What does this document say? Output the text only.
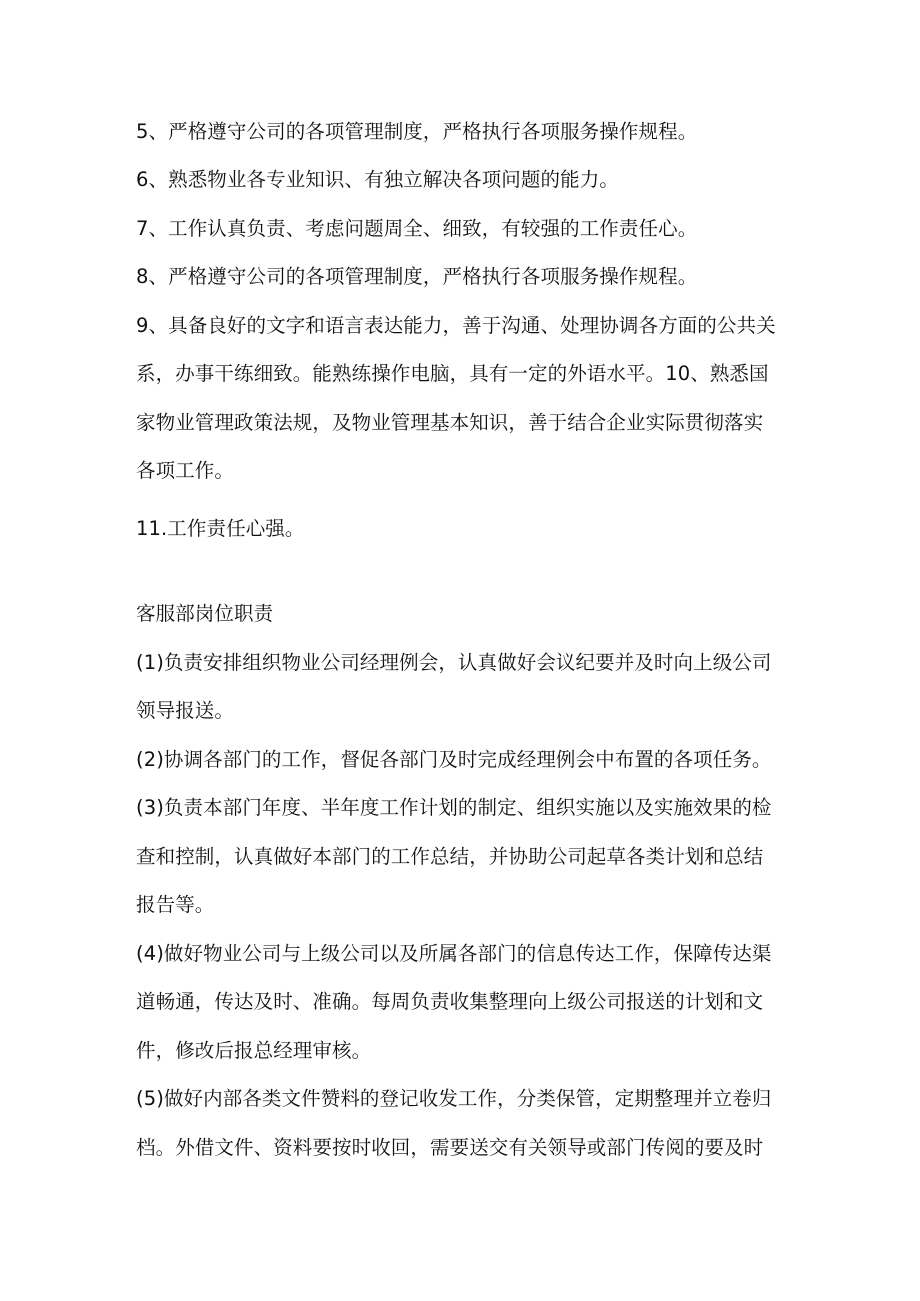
5、严格遵守公司的各项管理制度，严格执行各项服务操作规程。

6、熟悉物业各专业知识、有独立解决各项问题的能力。

7、工作认真负责、考虑问题周全、细致，有较强的工作责任心。

8、严格遵守公司的各项管理制度，严格执行各项服务操作规程。

9、具备良好的文字和语言表达能力，善于沟通、处理协调各方面的公共关

系，办事干练细致。能熟练操作电脑，具有一定的外语水平。10、熟悉国

家物业管理政策法规，及物业管理基本知识，善于结合企业实际贯彻落实

各项工作。

11.工作责任心强。

客服部岗位职责

(1)负责安排组织物业公司经理例会，认真做好会议纪要并及时向上级公司

领导报送。

(2)协调各部门的工作，督促各部门及时完成经理例会中布置的各项任务。

(3)负责本部门年度、半年度工作计划的制定、组织实施以及实施效果的检

查和控制，认真做好本部门的工作总结，并协助公司起草各类计划和总结

报告等。

(4)做好物业公司与上级公司以及所属各部门的信息传达工作，保障传达渠

道畅通，传达及时、准确。每周负责收集整理向上级公司报送的计划和文

件，修改后报总经理审核。

(5)做好内部各类文件赞料的登记收发工作，分类保管，定期整理并立卷归

档。外借文件、资料要按时收回，需要送交有关领导或部门传阅的要及时
